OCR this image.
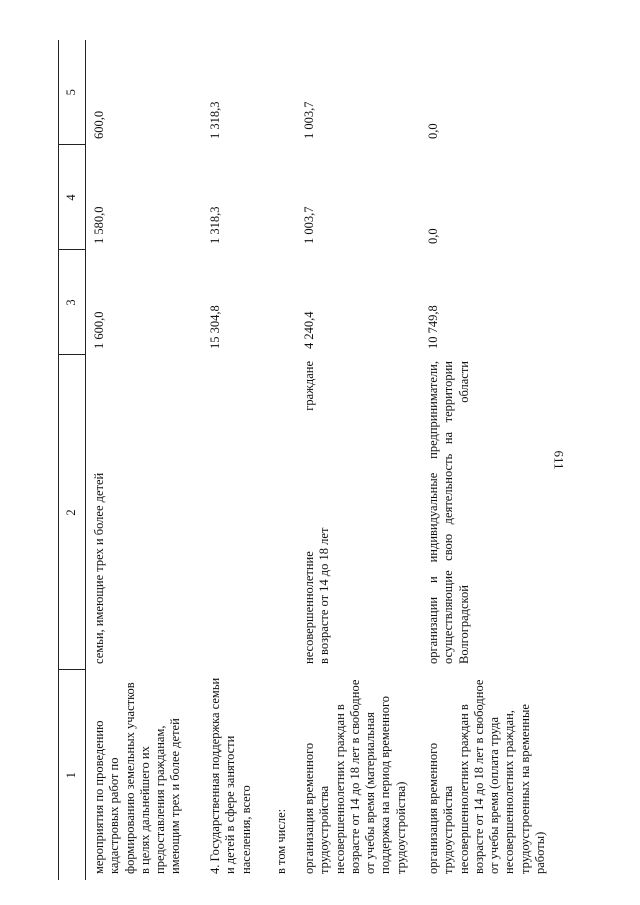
611
1	2	3	4	5
мероприятия по проведению кадастровых работ по формированию земельных участков в целях дальнейшего их предоставления гражданам, имеющим трех и более детей	семьи, имеющие трех и более детей	1 600,0	1 580,0	600,0
4. Государственная поддержка семьи и детей в сфере занятости населения, всего		15 304,8	1 318,3	1 318,3
в том числе:				
организация временного трудоустройства несовершеннолетних граждан в возрасте от 14 до 18 лет в свободное от учебы время (материальная поддержка на период временного трудоустройства)	несовершеннолетние граждане в возрасте от 14 до 18 лет	4 240,4	1 003,7	1 003,7
организация временного трудоустройства несовершеннолетних граждан в возрасте от 14 до 18 лет в свободное от учебы время (оплата труда несовершеннолетних граждан, трудоустроенных на временные работы)	организации и индивидуальные предприниматели, осуществляющие свою деятельность на территории Волгоградской области	10 749,8	0,0	0,0
